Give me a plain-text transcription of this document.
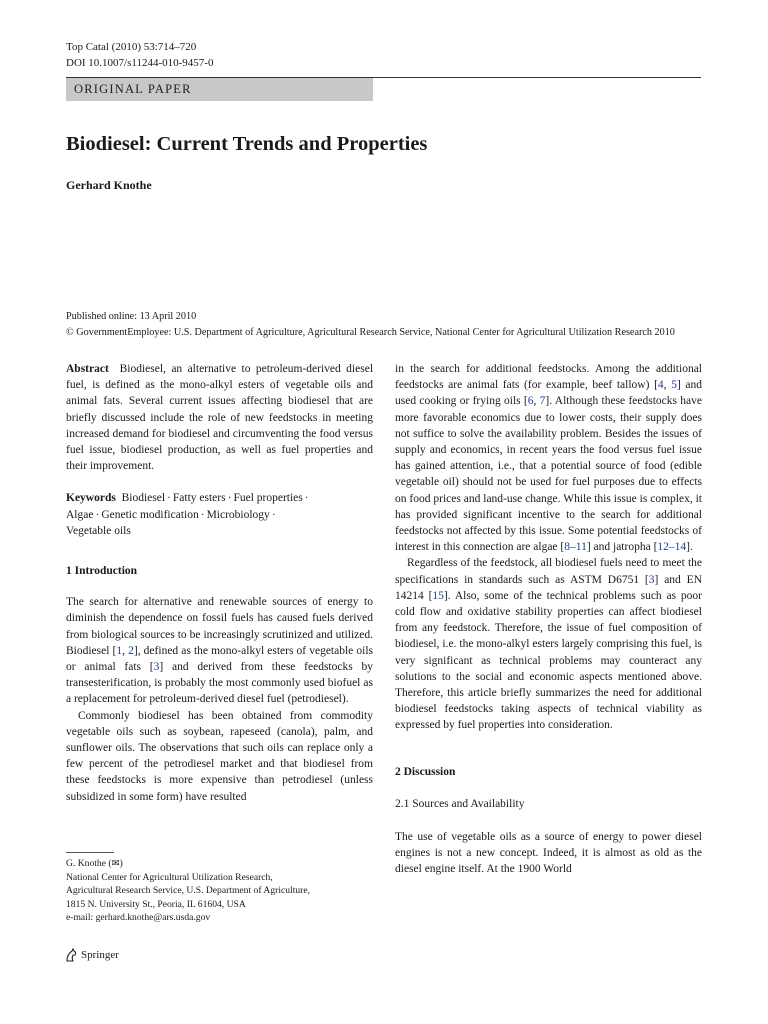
Top Catal (2010) 53:714–720
DOI 10.1007/s11244-010-9457-0
ORIGINAL PAPER
Biodiesel: Current Trends and Properties
Gerhard Knothe
Published online: 13 April 2010
© GovernmentEmployee: U.S. Department of Agriculture, Agricultural Research Service, National Center for Agricultural Utilization Research 2010

Abstract Biodiesel, an alternative to petroleum-derived diesel fuel, is defined as the mono-alkyl esters of vegetable oils and animal fats. Several current issues affecting biodiesel that are briefly discussed include the role of new feedstocks in meeting increased demand for biodiesel and circumventing the food versus fuel issue, biodiesel production, as well as fuel properties and their improvement.

Keywords Biodiesel · Fatty esters · Fuel properties ·
Algae · Genetic modification · Microbiology ·
Vegetable oils

1 Introduction

The search for alternative and renewable sources of energy to diminish the dependence on fossil fuels has caused fuels derived from biological sources to be increasingly scrutinized and utilized. Biodiesel [1, 2], defined as the mono-alkyl esters of vegetable oils or animal fats [3] and derived from these feedstocks by transesterification, is probably the most commonly used biofuel as a replacement for petroleum-derived diesel fuel (petrodiesel).

Commonly biodiesel has been obtained from commodity vegetable oils such as soybean, rapeseed (canola), palm, and sunflower oils. The observations that such oils can replace only a few percent of the petrodiesel market and that biodiesel from these feedstocks is more expensive than petrodiesel (unless subsidized in some form) have resulted

G. Knothe (✉)
National Center for Agricultural Utilization Research,
Agricultural Research Service, U.S. Department of Agriculture,
1815 N. University St., Peoria, IL 61604, USA
e-mail: gerhard.knothe@ars.usda.gov
Springer

in the search for additional feedstocks. Among the additional feedstocks are animal fats (for example, beef tallow) [4, 5] and used cooking or frying oils [6, 7]. Although these feedstocks have more favorable economics due to lower costs, their supply does not suffice to solve the availability problem. Besides the issues of supply and economics, in recent years the food versus fuel issue has gained attention, i.e., that a potential source of food (edible vegetable oil) should not be used for fuel purposes due to effects on food prices and land-use change. While this issue is complex, it has provided significant incentive to the search for additional feedstocks not affected by this issue. Some potential feedstocks of interest in this connection are algae [8–11] and jatropha [12–14].

Regardless of the feedstock, all biodiesel fuels need to meet the specifications in standards such as ASTM D6751 [3] and EN 14214 [15]. Also, some of the technical problems such as poor cold flow and oxidative stability properties can affect biodiesel from any feedstock. Therefore, the issue of fuel composition of biodiesel, i.e. the mono-alkyl esters largely comprising this fuel, is very significant as technical problems may counteract any solutions to the social and economic aspects mentioned above. Therefore, this article briefly summarizes the need for additional biodiesel feedstocks taking aspects of technical viability as expressed by fuel properties into consideration.

2 Discussion

2.1 Sources and Availability

The use of vegetable oils as a source of energy to power diesel engines is not a new concept. Indeed, it is almost as old as the diesel engine itself. At the 1900 World
